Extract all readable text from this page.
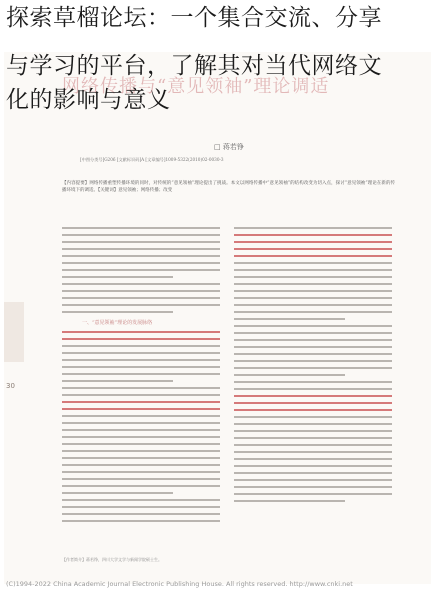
探索草榴论坛：一个集合交流、分享
与学习的平台，了解其对当代网络文
化的影响与意义
30
网络传播与“意见领袖”理论调适
□ 蒋若铮
[中图分类号]G206 [文献标识码]A [文章编号]1009-5322(2010)02-0030-3
【内容提要】网络传播重塑传播环境的同时，对传统的“意见领袖”理论提出了挑战。本文以网络传播中“意见领袖”的结构改变为切入点，探讨“意见领袖”理论在新的传播环境下的调适。【关键词】意见领袖；网络传播；改变
一、“意见领袖”理论的发展脉络
【作者简介】蒋若铮，四川大学文学与新闻学院硕士生。
(C)1994-2022 China Academic Journal Electronic Publishing House. All rights reserved. http://www.cnki.net
